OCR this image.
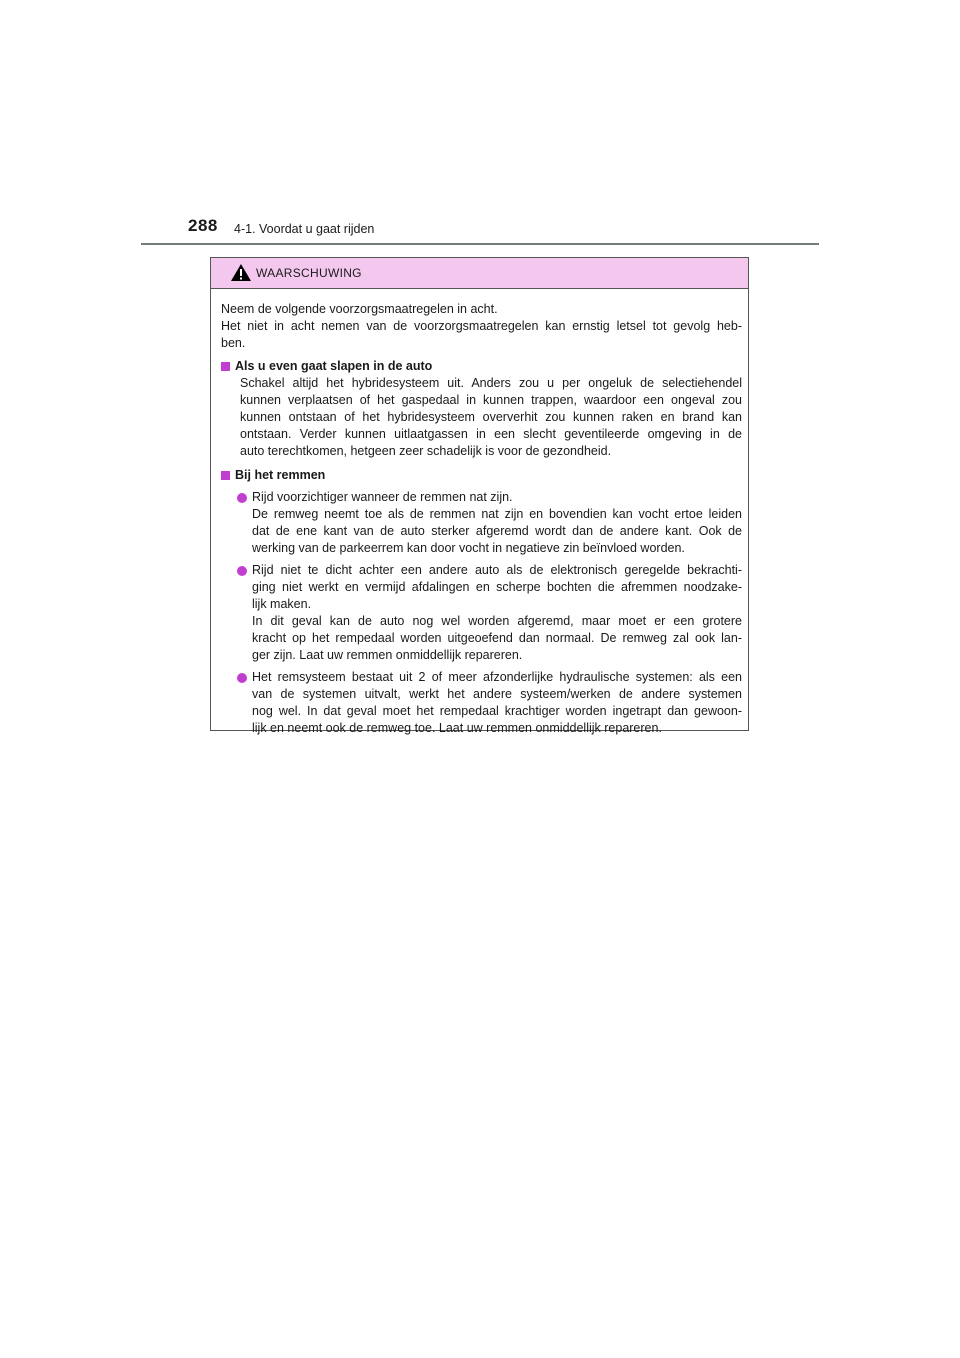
288 4-1. Voordat u gaat rijden
WAARSCHUWING
Neem de volgende voorzorgsmaatregelen in acht.
Het niet in acht nemen van de voorzorgsmaatregelen kan ernstig letsel tot gevolg heb-
ben.
Als u even gaat slapen in de auto
Schakel altijd het hybridesysteem uit. Anders zou u per ongeluk de selectiehendel
kunnen verplaatsen of het gaspedaal in kunnen trappen, waardoor een ongeval zou
kunnen ontstaan of het hybridesysteem oververhit zou kunnen raken en brand kan
ontstaan. Verder kunnen uitlaatgassen in een slecht geventileerde omgeving in de
auto terechtkomen, hetgeen zeer schadelijk is voor de gezondheid.
Bij het remmen
Rijd voorzichtiger wanneer de remmen nat zijn.
De remweg neemt toe als de remmen nat zijn en bovendien kan vocht ertoe leiden
dat de ene kant van de auto sterker afgeremd wordt dan de andere kant. Ook de
werking van de parkeerrem kan door vocht in negatieve zin beïnvloed worden.
Rijd niet te dicht achter een andere auto als de elektronisch geregelde bekrachti-
ging niet werkt en vermijd afdalingen en scherpe bochten die afremmen noodzake-
lijk maken.
In dit geval kan de auto nog wel worden afgeremd, maar moet er een grotere
kracht op het rempedaal worden uitgeoefend dan normaal. De remweg zal ook lan-
ger zijn. Laat uw remmen onmiddellijk repareren.
Het remsysteem bestaat uit 2 of meer afzonderlijke hydraulische systemen: als een
van de systemen uitvalt, werkt het andere systeem/werken de andere systemen
nog wel. In dat geval moet het rempedaal krachtiger worden ingetrapt dan gewoon-
lijk en neemt ook de remweg toe. Laat uw remmen onmiddellijk repareren.
